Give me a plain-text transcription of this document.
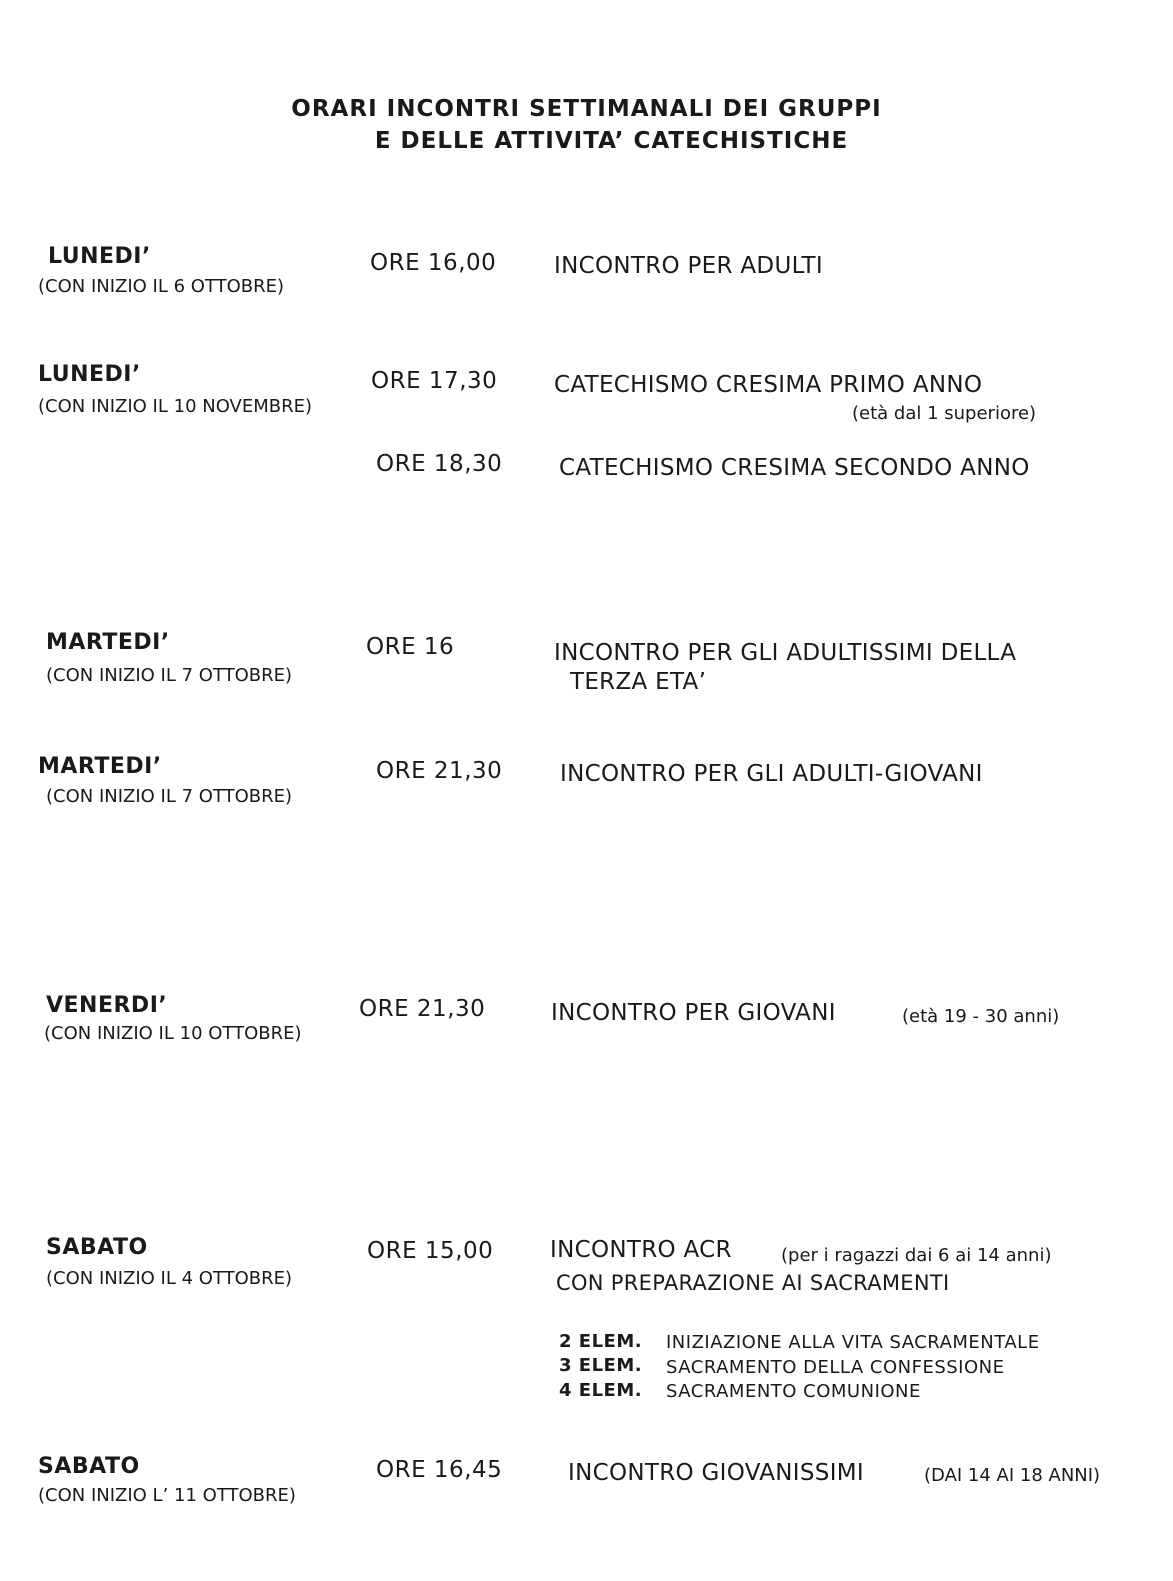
ORARI INCONTRI SETTIMANALI DEI GRUPPI
E DELLE ATTIVITA’ CATECHISTICHE
LUNEDI’
(CON INIZIO IL 6 OTTOBRE)
ORE 16,00	INCONTRO PER ADULTI
LUNEDI’
(CON INIZIO IL 10 NOVEMBRE)
ORE 17,30 CATECHISMO CRESIMA PRIMO ANNO
(età dal 1 superiore)
ORE 18,30 CATECHISMO CRESIMA SECONDO ANNO
MARTEDI’
(CON INIZIO IL 7 OTTOBRE)
ORE 16	INCONTRO PER GLI ADULTISSIMI DELLA
TERZA ETA’
MARTEDI’
(CON INIZIO IL 7 OTTOBRE)
ORE 21,30	INCONTRO PER GLI ADULTI-GIOVANI
VENERDI’
(CON INIZIO IL 10 OTTOBRE)
ORE 21,30	INCONTRO PER GIOVANI	(età 19 - 30 anni)
SABATO
(CON INIZIO IL 4 OTTOBRE)
ORE 15,00 INCONTRO ACR	(per i ragazzi dai 6 ai 14 anni)
CON PREPARAZIONE AI SACRAMENTI
2 ELEM. INIZIAZIONE ALLA VITA SACRAMENTALE
3 ELEM. SACRAMENTO DELLA CONFESSIONE
4 ELEM. SACRAMENTO COMUNIONE
SABATO
(CON INIZIO L’ 11 OTTOBRE)
ORE 16,45	INCONTRO GIOVANISSIMI	(DAI 14 AI 18 ANNI)
